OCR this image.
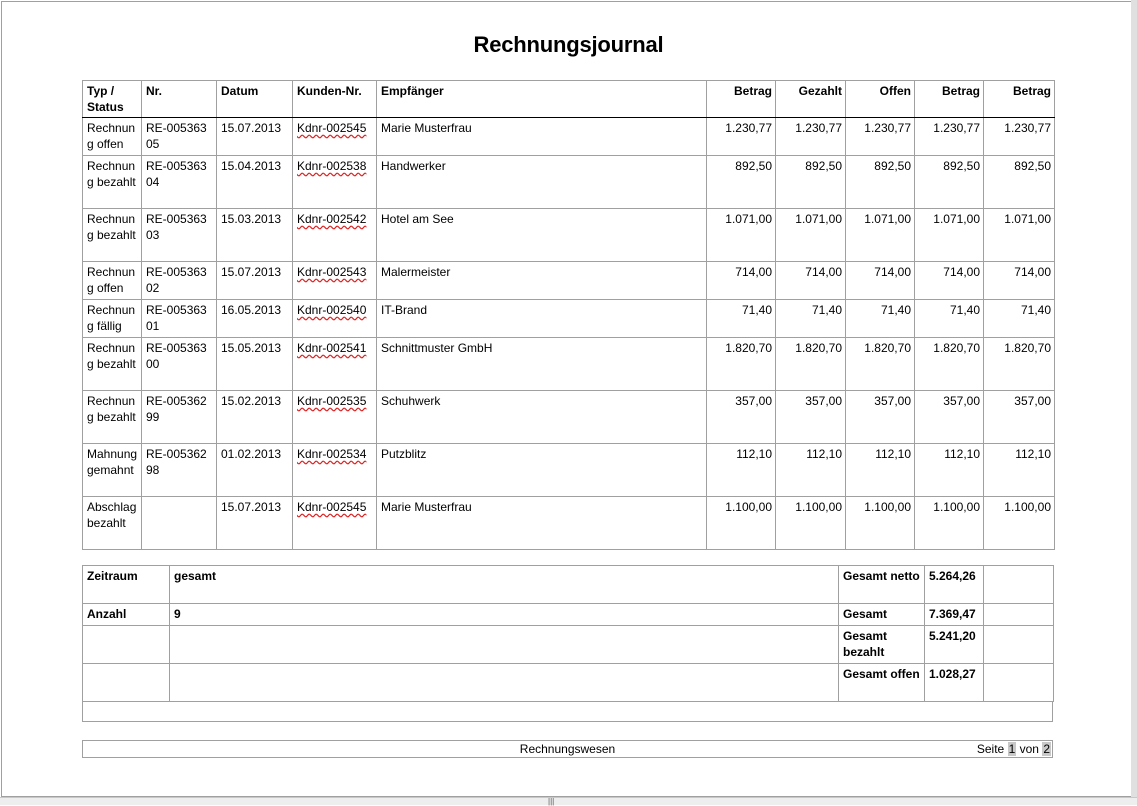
Rechnungsjournal
Typ / Status	Nr.	Datum	Kunden-Nr.	Empfänger	Betrag	Gezahlt	Offen	Betrag	Betrag
Rechnung offen	RE-00536305	15.07.2013	Kdnr-002545	Marie Musterfrau	1.230,77	1.230,77	1.230,77	1.230,77	1.230,77
Rechnung bezahlt	RE-00536304	15.04.2013	Kdnr-002538	Handwerker	892,50	892,50	892,50	892,50	892,50
Rechnung bezahlt	RE-00536303	15.03.2013	Kdnr-002542	Hotel am See	1.071,00	1.071,00	1.071,00	1.071,00	1.071,00
Rechnung offen	RE-00536302	15.07.2013	Kdnr-002543	Malermeister	714,00	714,00	714,00	714,00	714,00
Rechnung fällig	RE-00536301	16.05.2013	Kdnr-002540	IT-Brand	71,40	71,40	71,40	71,40	71,40
Rechnung bezahlt	RE-00536300	15.05.2013	Kdnr-002541	Schnittmuster GmbH	1.820,70	1.820,70	1.820,70	1.820,70	1.820,70
Rechnung bezahlt	RE-00536299	15.02.2013	Kdnr-002535	Schuhwerk	357,00	357,00	357,00	357,00	357,00
Mahnung gemahnt	RE-00536298	01.02.2013	Kdnr-002534	Putzblitz	112,10	112,10	112,10	112,10	112,10
Abschlag bezahlt		15.07.2013	Kdnr-002545	Marie Musterfrau	1.100,00	1.100,00	1.100,00	1.100,00	1.100,00
Zeitraum	gesamt	Gesamt netto	5.264,26	
Anzahl	9	Gesamt	7.369,47	
		Gesamt bezahlt	5.241,20	
		Gesamt offen	1.028,27	
Rechnungswesen	Seite 1 von 2
|||
